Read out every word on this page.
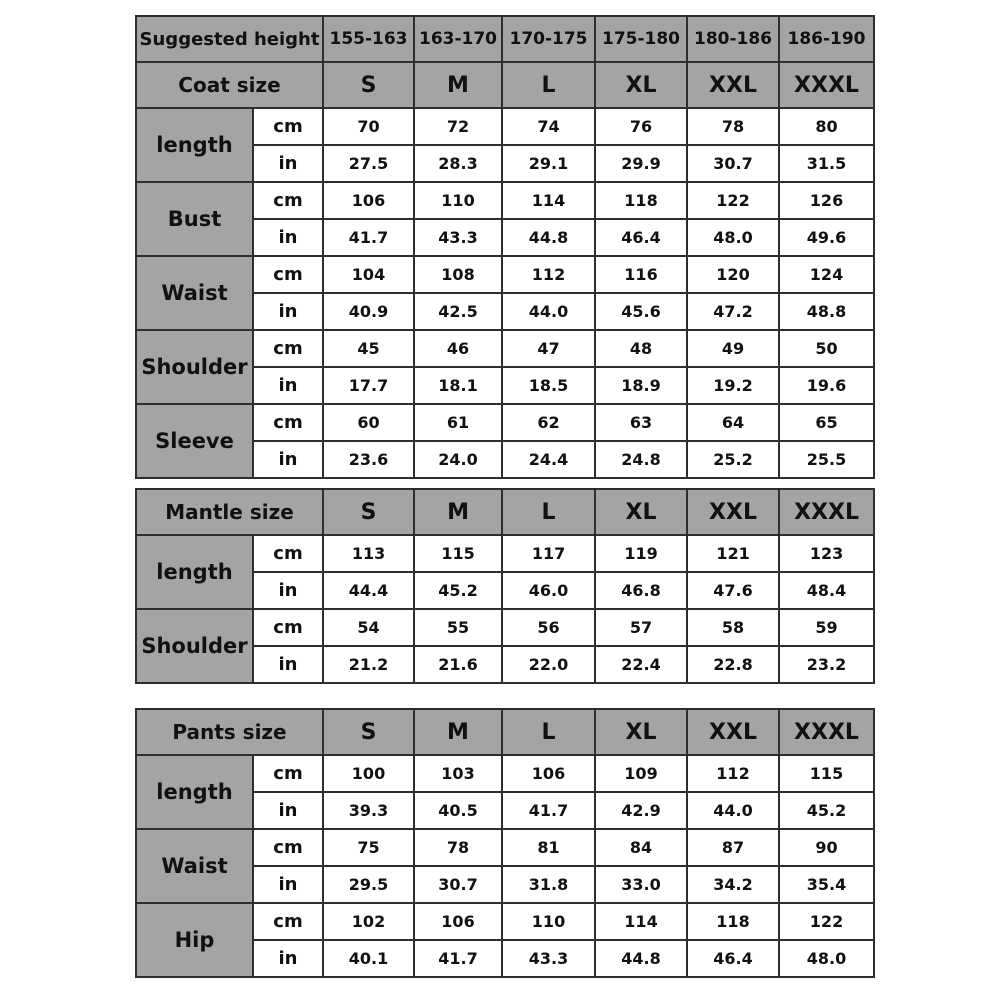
Suggested height		155-163	163-170	170-175	175-180	180-186	186-190
Coat size		S	M	L	XL	XXL	XXXL
length	cm	70	72	74	76	78	80
	in	27.5	28.3	29.1	29.9	30.7	31.5
Bust	cm	106	110	114	118	122	126
	in	41.7	43.3	44.8	46.4	48.0	49.6
Waist	cm	104	108	112	116	120	124
	in	40.9	42.5	44.0	45.6	47.2	48.8
Shoulder	cm	45	46	47	48	49	50
	in	17.7	18.1	18.5	18.9	19.2	19.6
Sleeve	cm	60	61	62	63	64	65
	in	23.6	24.0	24.4	24.8	25.2	25.5
Mantle size		S	M	L	XL	XXL	XXXL
length	cm	113	115	117	119	121	123
	in	44.4	45.2	46.0	46.8	47.6	48.4
Shoulder	cm	54	55	56	57	58	59
	in	21.2	21.6	22.0	22.4	22.8	23.2
Pants size		S	M	L	XL	XXL	XXXL
length	cm	100	103	106	109	112	115
	in	39.3	40.5	41.7	42.9	44.0	45.2
Waist	cm	75	78	81	84	87	90
	in	29.5	30.7	31.8	33.0	34.2	35.4
Hip	cm	102	106	110	114	118	122
	in	40.1	41.7	43.3	44.8	46.4	48.0
